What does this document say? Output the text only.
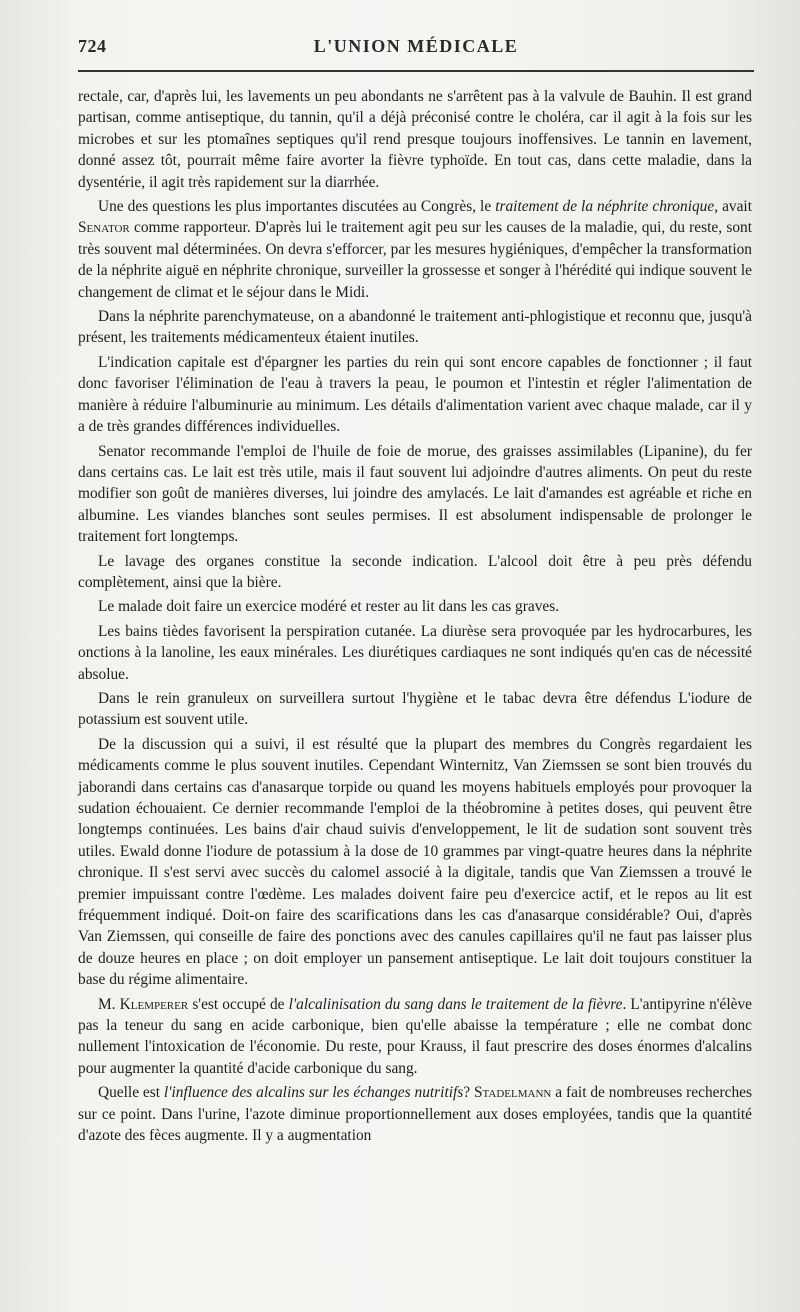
724	L'UNION MÉDICALE

rectale, car, d'après lui, les lavements un peu abondants ne s'arrêtent pas à la valvule de Bauhin. Il est grand partisan, comme antiseptique, du tannin, qu'il a déjà préconisé contre le choléra, car il agit à la fois sur les microbes et sur les ptomaînes septiques qu'il rend presque toujours inoffensives. Le tannin en lavement, donné assez tôt, pourrait même faire avorter la fièvre typhoïde. En tout cas, dans cette maladie, dans la dysentérie, il agit très rapidement sur la diarrhée.

Une des questions les plus importantes discutées au Congrès, le traitement de la néphrite chronique, avait Senator comme rapporteur. D'après lui le traitement agit peu sur les causes de la maladie, qui, du reste, sont très souvent mal déterminées. On devra s'efforcer, par les mesures hygiéniques, d'empêcher la transformation de la néphrite aiguë en néphrite chronique, surveiller la grossesse et songer à l'hérédité qui indique souvent le changement de climat et le séjour dans le Midi.

Dans la néphrite parenchymateuse, on a abandonné le traitement anti-phlogistique et reconnu que, jusqu'à présent, les traitements médicamenteux étaient inutiles.

L'indication capitale est d'épargner les parties du rein qui sont encore capables de fonctionner ; il faut donc favoriser l'élimination de l'eau à travers la peau, le poumon et l'intestin et régler l'alimentation de manière à réduire l'albuminurie au minimum. Les détails d'alimentation varient avec chaque malade, car il y a de très grandes différences individuelles.

Senator recommande l'emploi de l'huile de foie de morue, des graisses assimilables (Lipanine), du fer dans certains cas. Le lait est très utile, mais il faut souvent lui adjoindre d'autres aliments. On peut du reste modifier son goût de manières diverses, lui joindre des amylacés. Le lait d'amandes est agréable et riche en albumine. Les viandes blanches sont seules permises. Il est absolument indispensable de prolonger le traitement fort longtemps.

Le lavage des organes constitue la seconde indication. L'alcool doit être à peu près défendu complètement, ainsi que la bière.

Le malade doit faire un exercice modéré et rester au lit dans les cas graves.

Les bains tièdes favorisent la perspiration cutanée. La diurèse sera provoquée par les hydrocarbures, les onctions à la lanoline, les eaux minérales. Les diurétiques cardiaques ne sont indiqués qu'en cas de nécessité absolue.

Dans le rein granuleux on surveillera surtout l'hygiène et le tabac devra être défendus L'iodure de potassium est souvent utile.

De la discussion qui a suivi, il est résulté que la plupart des membres du Congrès regardaient les médicaments comme le plus souvent inutiles. Cependant Winternitz, Van Ziemssen se sont bien trouvés du jaborandi dans certains cas d'anasarque torpide ou quand les moyens habituels employés pour provoquer la sudation échouaient. Ce dernier recommande l'emploi de la théobromine à petites doses, qui peuvent être longtemps continuées. Les bains d'air chaud suivis d'enveloppement, le lit de sudation sont souvent très utiles. Ewald donne l'iodure de potassium à la dose de 10 grammes par vingt-quatre heures dans la néphrite chronique. Il s'est servi avec succès du calomel associé à la digitale, tandis que Van Ziemssen a trouvé le premier impuissant contre l'œdème. Les malades doivent faire peu d'exercice actif, et le repos au lit est fréquemment indiqué. Doit-on faire des scarifications dans les cas d'anasarque considérable? Oui, d'après Van Ziemssen, qui conseille de faire des ponctions avec des canules capillaires qu'il ne faut pas laisser plus de douze heures en place ; on doit employer un pansement antiseptique. Le lait doit toujours constituer la base du régime alimentaire.

M. Klemperer s'est occupé de l'alcalinisation du sang dans le traitement de la fièvre. L'antipyrine n'élève pas la teneur du sang en acide carbonique, bien qu'elle abaisse la température ; elle ne combat donc nullement l'intoxication de l'économie. Du reste, pour Krauss, il faut prescrire des doses énormes d'alcalins pour augmenter la quantité d'acide carbonique du sang.

Quelle est l'influence des alcalins sur les échanges nutritifs? Stadelmann a fait de nombreuses recherches sur ce point. Dans l'urine, l'azote diminue proportionnellement aux doses employées, tandis que la quantité d'azote des fèces augmente. Il y a augmentation
